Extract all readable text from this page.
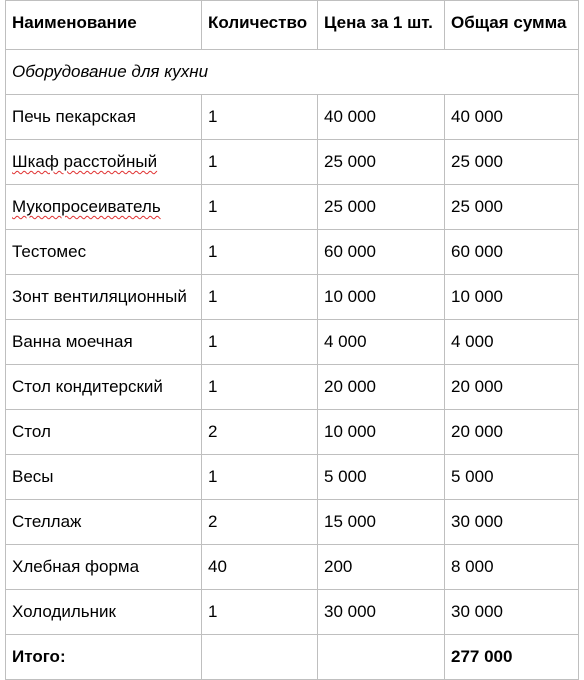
Наименование	Количество	Цена за 1 шт.	Общая сумма
Оборудование для кухни			
Печь пекарская	1	40 000	40 000
Шкаф расстойный	1	25 000	25 000
Мукопросеиватель	1	25 000	25 000
Тестомес	1	60 000	60 000
Зонт вентиляционный	1	10 000	10 000
Ванна моечная	1	4 000	4 000
Стол кондитерский	1	20 000	20 000
Стол	2	10 000	20 000
Весы	1	5 000	5 000
Стеллаж	2	15 000	30 000
Хлебная форма	40	200	8 000
Холодильник	1	30 000	30 000
Итого:			277 000
